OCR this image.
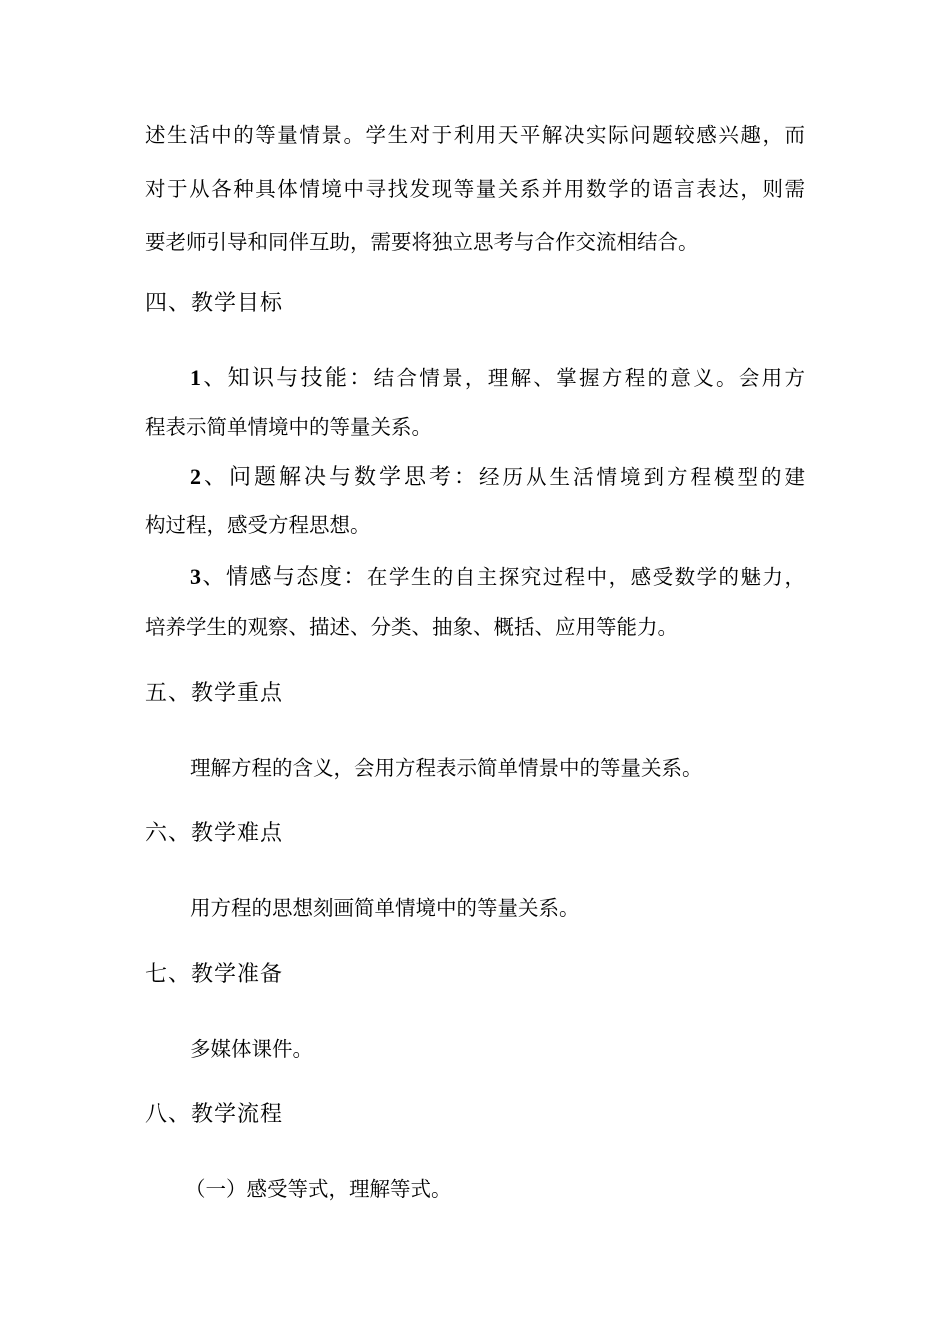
述生活中的等量情景。学生对于利用天平解决实际问题较感兴趣，而
对于从各种具体情境中寻找发现等量关系并用数学的语言表达，则需
要老师引导和同伴互助，需要将独立思考与合作交流相结合。
四、教学目标
1、知识与技能：结合情景，理解、掌握方程的意义。会用方
程表示简单情境中的等量关系。
2、问题解决与数学思考：经历从生活情境到方程模型的建
构过程，感受方程思想。
3、情感与态度：在学生的自主探究过程中，感受数学的魅力，
培养学生的观察、描述、分类、抽象、概括、应用等能力。
五、教学重点
理解方程的含义，会用方程表示简单情景中的等量关系。
六、教学难点
用方程的思想刻画简单情境中的等量关系。
七、教学准备
多媒体课件。
八、教学流程
（一）感受等式，理解等式。
